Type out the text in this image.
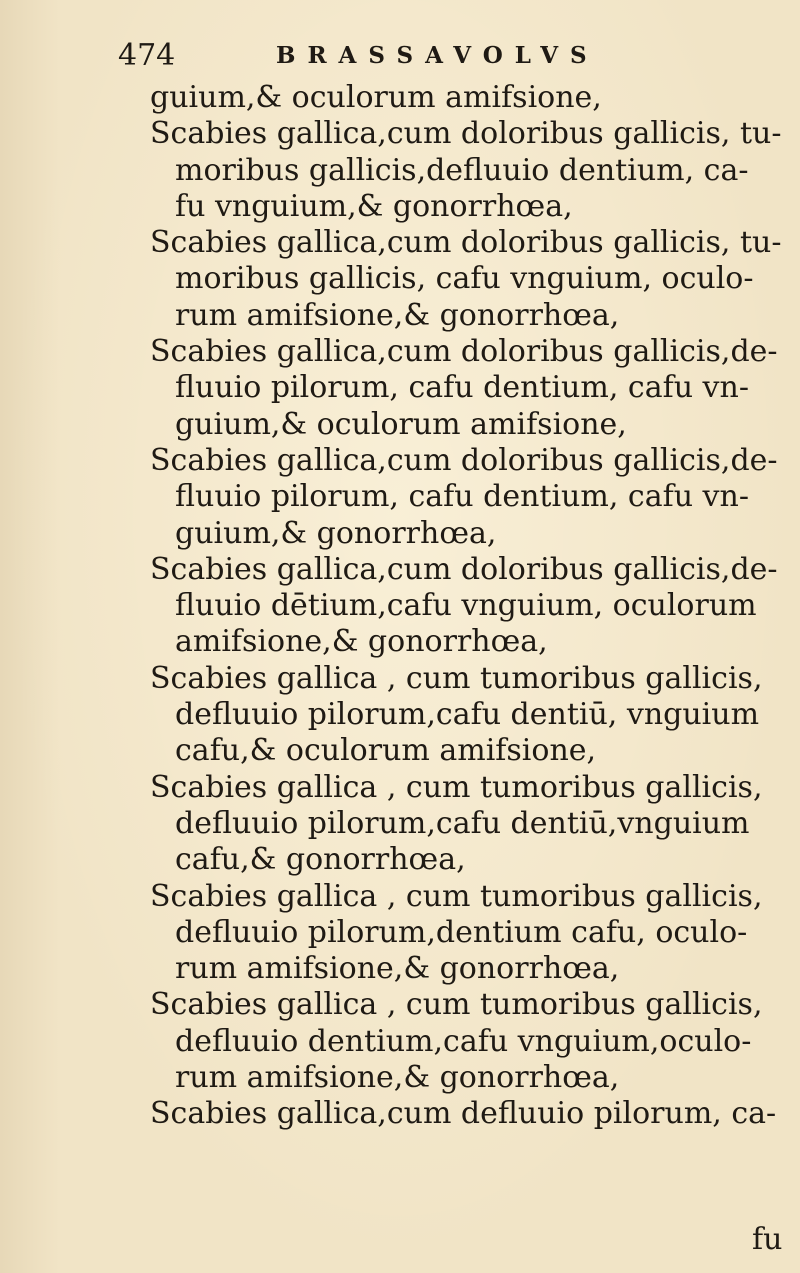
474	BRASSAVOLVS
guium,& oculorum amifsione,
Scabies gallica,cum doloribus gallicis, tu-
moribus gallicis,defluuio dentium, ca-
fu vnguium,& gonorrhœa,
Scabies gallica,cum doloribus gallicis, tu-
moribus gallicis, cafu vnguium, oculo-
rum amifsione,& gonorrhœa,
Scabies gallica,cum doloribus gallicis,de-
fluuio pilorum, cafu dentium, cafu vn-
guium,& oculorum amifsione,
Scabies gallica,cum doloribus gallicis,de-
fluuio pilorum, cafu dentium, cafu vn-
guium,& gonorrhœa,
Scabies gallica,cum doloribus gallicis,de-
fluuio dētium,cafu vnguium, oculorum
amifsione,& gonorrhœa,
Scabies gallica , cum tumoribus gallicis,
defluuio pilorum,cafu dentiū, vnguium
cafu,& oculorum amifsione,
Scabies gallica , cum tumoribus gallicis,
defluuio pilorum,cafu dentiū,vnguium
cafu,& gonorrhœa,
Scabies gallica , cum tumoribus gallicis,
defluuio pilorum,dentium cafu, oculo-
rum amifsione,& gonorrhœa,
Scabies gallica , cum tumoribus gallicis,
defluuio dentium,cafu vnguium,oculo-
rum amifsione,& gonorrhœa,
Scabies gallica,cum defluuio pilorum, ca-
fu
